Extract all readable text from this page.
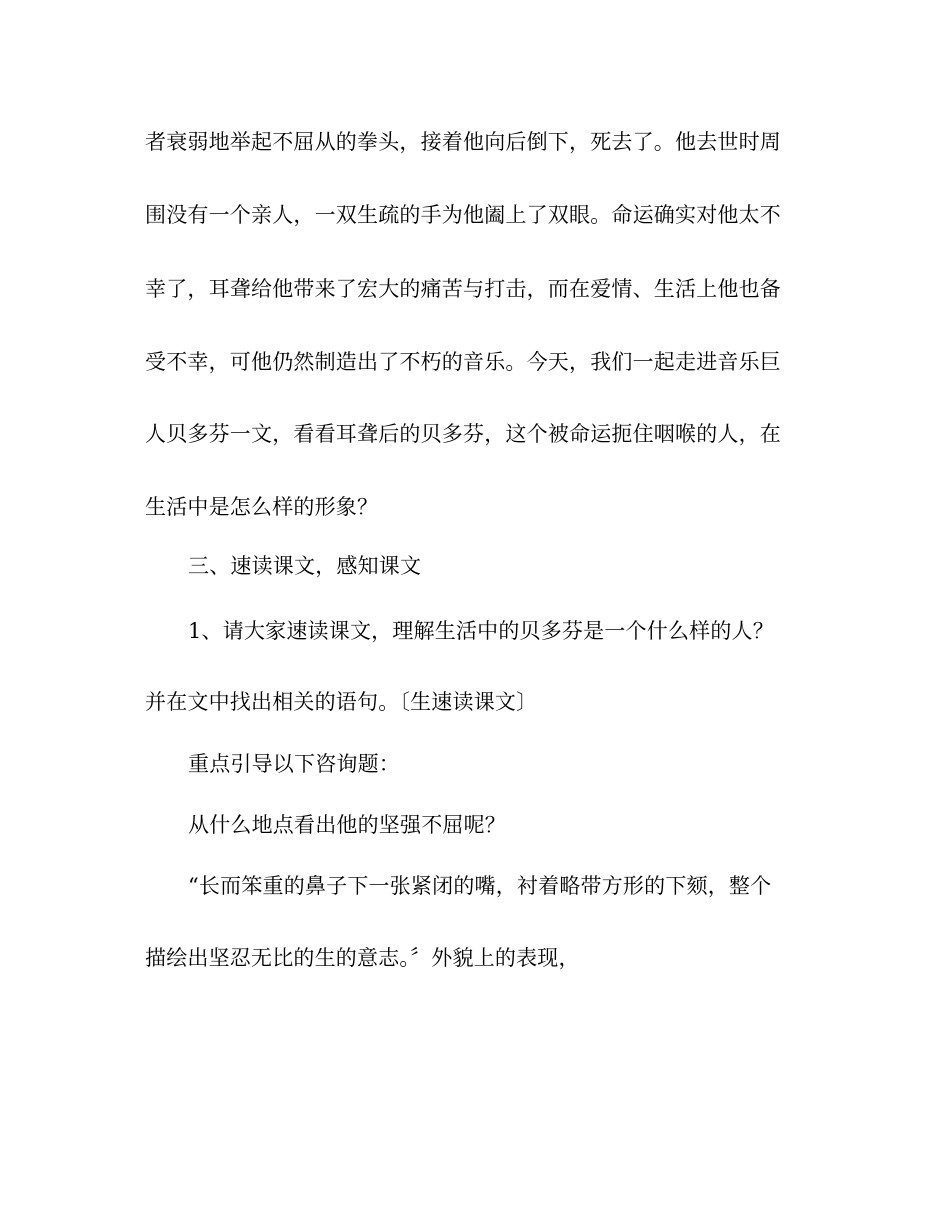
者衰弱地举起不屈从的拳头，接着他向后倒下，死去了。他去世时周
围没有一个亲人，一双生疏的手为他阖上了双眼。命运确实对他太不
幸了，耳聋给他带来了宏大的痛苦与打击，而在爱情、生活上他也备
受不幸，可他仍然制造出了不朽的音乐。今天，我们一起走进音乐巨
人贝多芬一文，看看耳聋后的贝多芬，这个被命运扼住咽喉的人，在
生活中是怎么样的形象？
三、速读课文，感知课文
1、请大家速读课文，理解生活中的贝多芬是一个什么样的人？
并在文中找出相关的语句。〔生速读课文〕
重点引导以下咨询题：
从什么地点看出他的坚强不屈呢？
“长而笨重的鼻子下一张紧闭的嘴，衬着略带方形的下颏，整个
描绘出坚忍无比的生的意志。〞外貌上的表现，
